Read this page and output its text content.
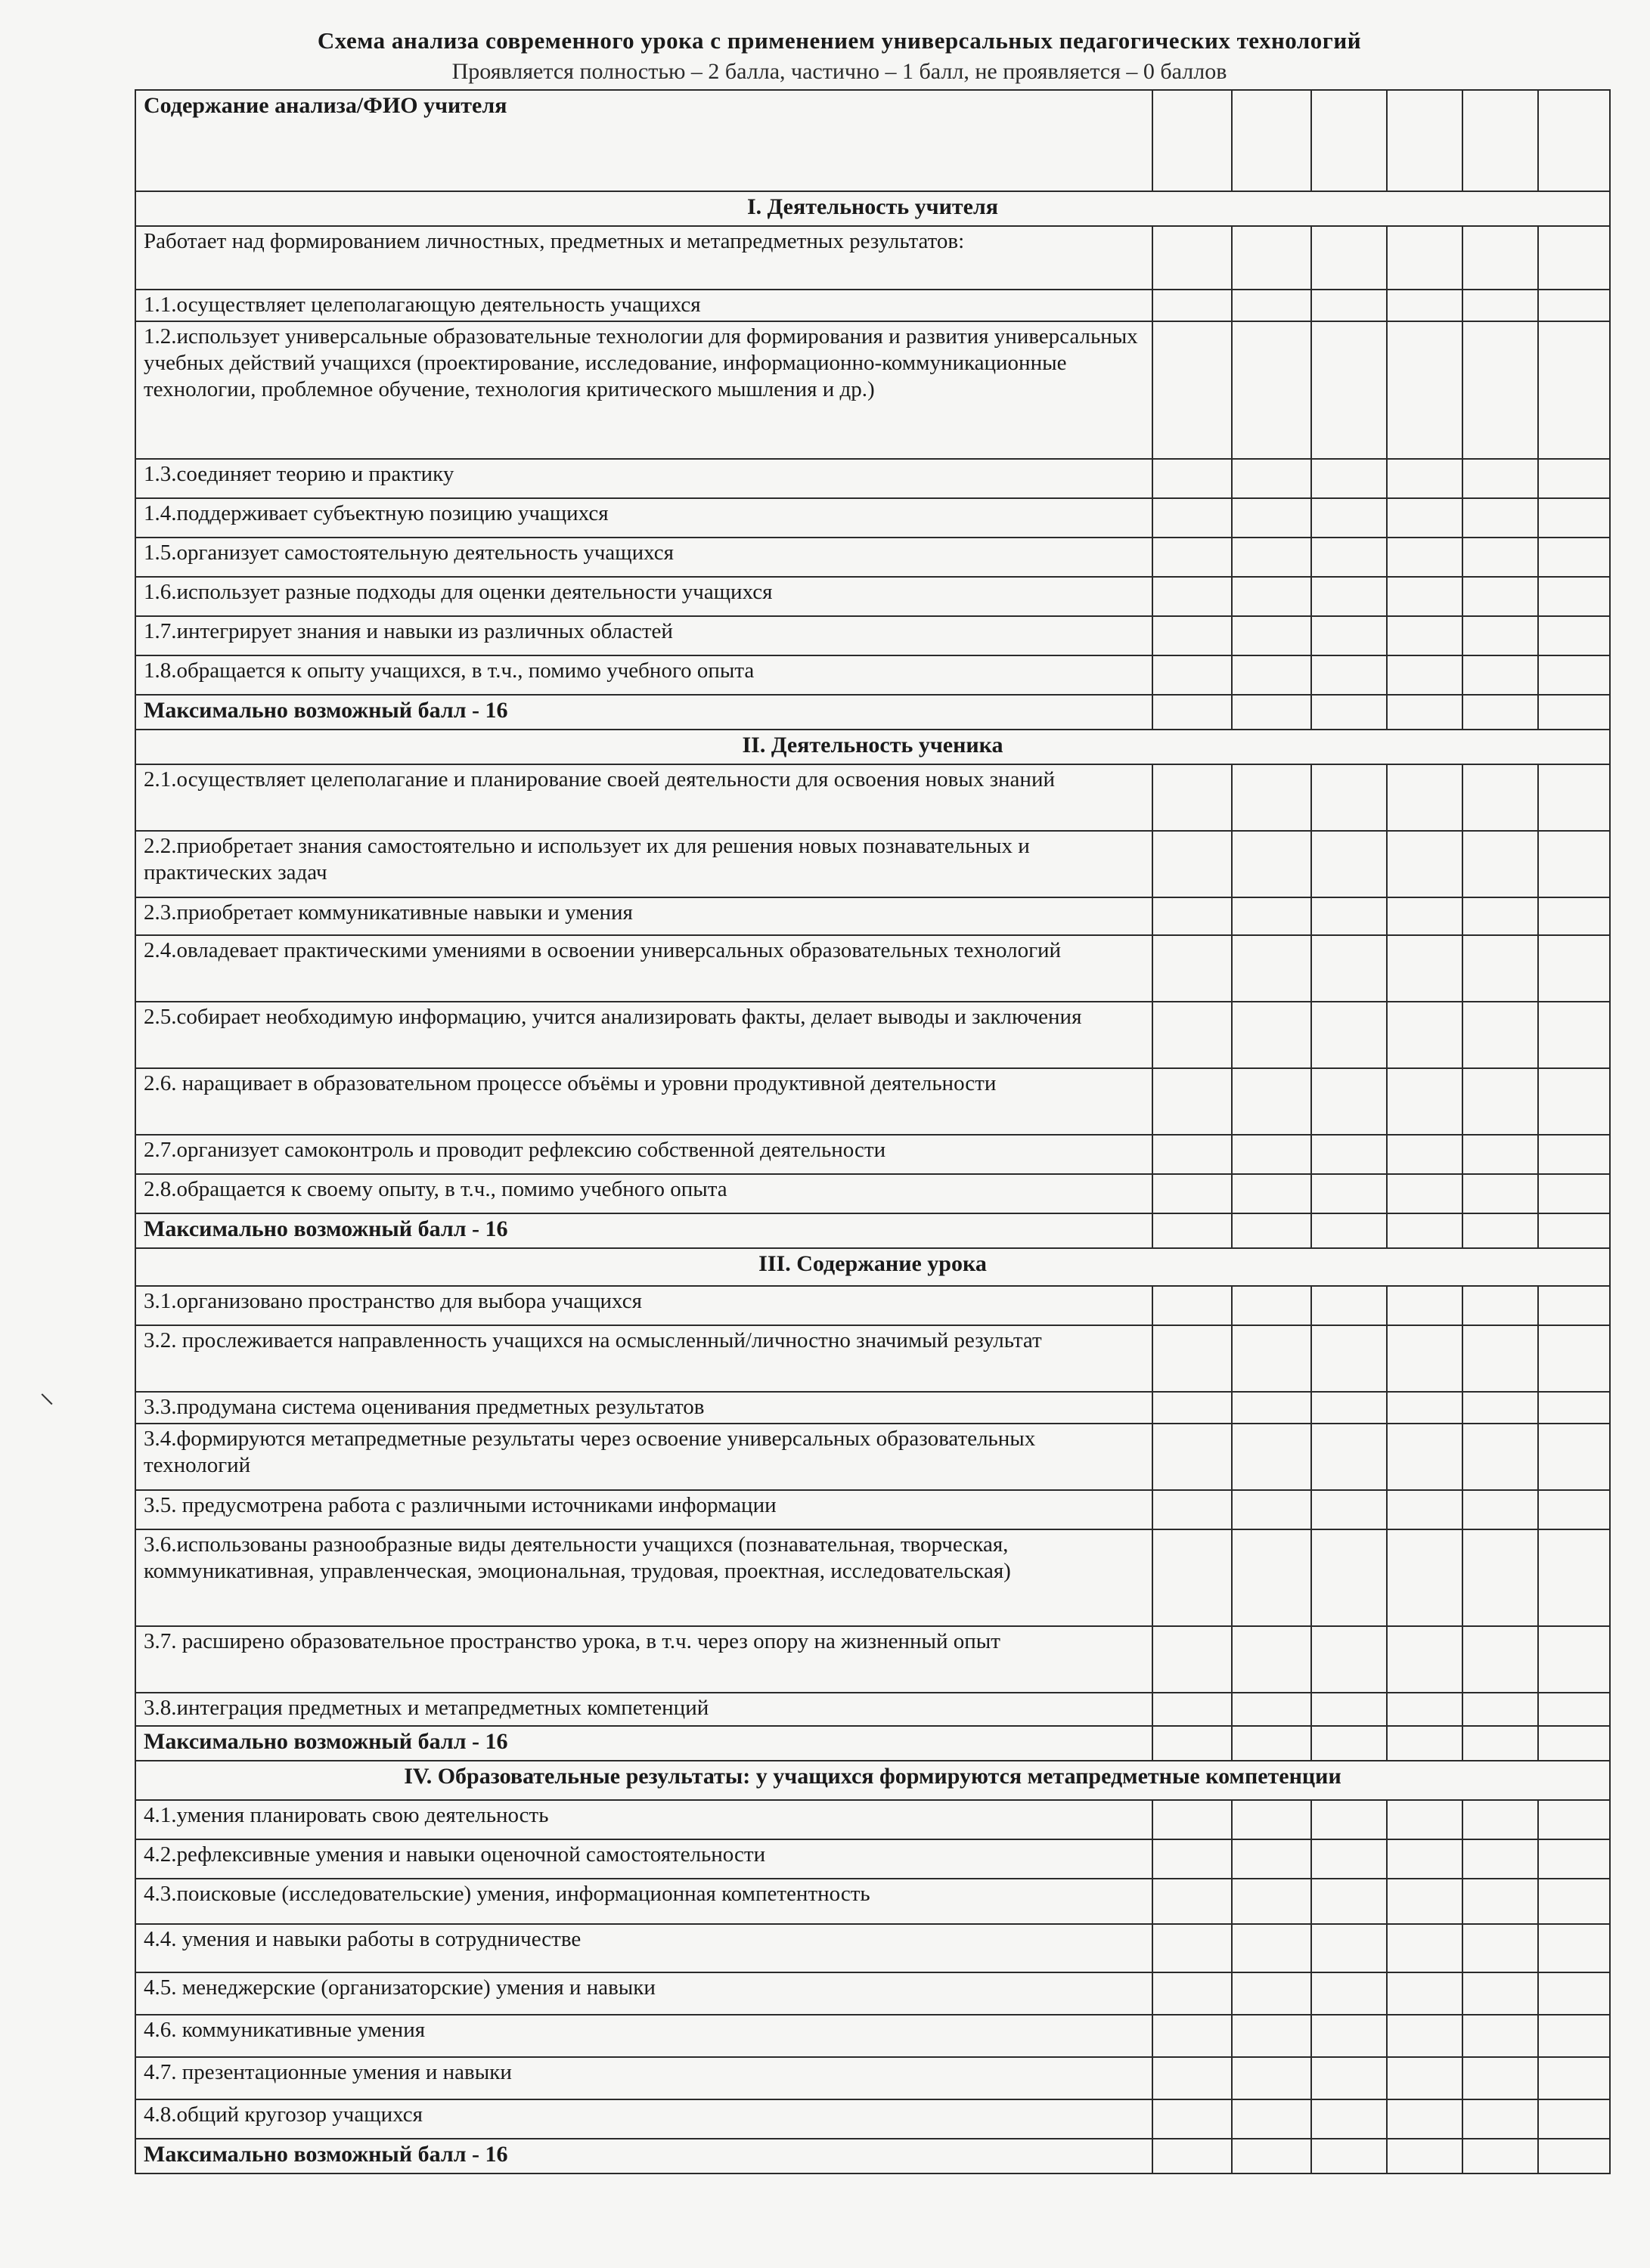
Схема анализа современного урока с применением универсальных педагогических технологий
Проявляется полностью – 2 балла, частично – 1 балл, не проявляется – 0 баллов
Содержание анализа/ФИО учителя						
I. Деятельность учителя						
Работает над формированием личностных, предметных и метапредметных результатов:						
1.1.осуществляет целеполагающую деятельность учащихся						
1.2.использует универсальные образовательные технологии для формирования и развития универсальных учебных действий учащихся (проектирование, исследование, информационно-коммуникационные технологии, проблемное обучение, технология критического мышления и др.)						
1.3.соединяет теорию и практику						
1.4.поддерживает субъектную позицию учащихся						
1.5.организует самостоятельную деятельность учащихся						
1.6.использует разные подходы для оценки деятельности учащихся						
1.7.интегрирует знания и навыки из различных областей						
1.8.обращается к опыту учащихся, в т.ч., помимо учебного опыта						
Максимально возможный балл - 16						
II. Деятельность ученика						
2.1.осуществляет целеполагание и планирование своей деятельности для освоения новых знаний						
2.2.приобретает знания самостоятельно и использует их для решения новых познавательных и практических задач						
2.3.приобретает коммуникативные навыки и умения						
2.4.овладевает практическими умениями в освоении универсальных образовательных технологий						
2.5.собирает необходимую информацию, учится анализировать факты, делает выводы и заключения						
2.6. наращивает в образовательном процессе объёмы и уровни продуктивной деятельности						
2.7.организует самоконтроль и проводит рефлексию собственной деятельности						
2.8.обращается к своему опыту, в т.ч., помимо учебного опыта						
Максимально возможный балл - 16						
III. Содержание урока						
3.1.организовано пространство для выбора учащихся						
3.2. прослеживается направленность учащихся на осмысленный/личностно значимый результат						
3.3.продумана система оценивания предметных результатов						
3.4.формируются метапредметные результаты через освоение универсальных образовательных технологий						
3.5. предусмотрена работа с различными источниками информации						
3.6.использованы разнообразные виды деятельности учащихся (познавательная, творческая, коммуникативная, управленческая, эмоциональная, трудовая, проектная, исследовательская)						
3.7. расширено образовательное пространство урока, в т.ч. через опору на жизненный опыт						
3.8.интеграция предметных и метапредметных компетенций						
Максимально возможный балл - 16						
IV. Образовательные результаты: у учащихся формируются метапредметные компетенции						
4.1.умения планировать свою деятельность						
4.2.рефлексивные умения и навыки оценочной самостоятельности						
4.3.поисковые (исследовательские) умения, информационная компетентность						
4.4. умения и навыки работы в сотрудничестве						
4.5. менеджерские (организаторские) умения и навыки						
4.6. коммуникативные умения						
4.7. презентационные умения и навыки						
4.8.общий кругозор учащихся						
Максимально возможный балл - 16						
⸜
